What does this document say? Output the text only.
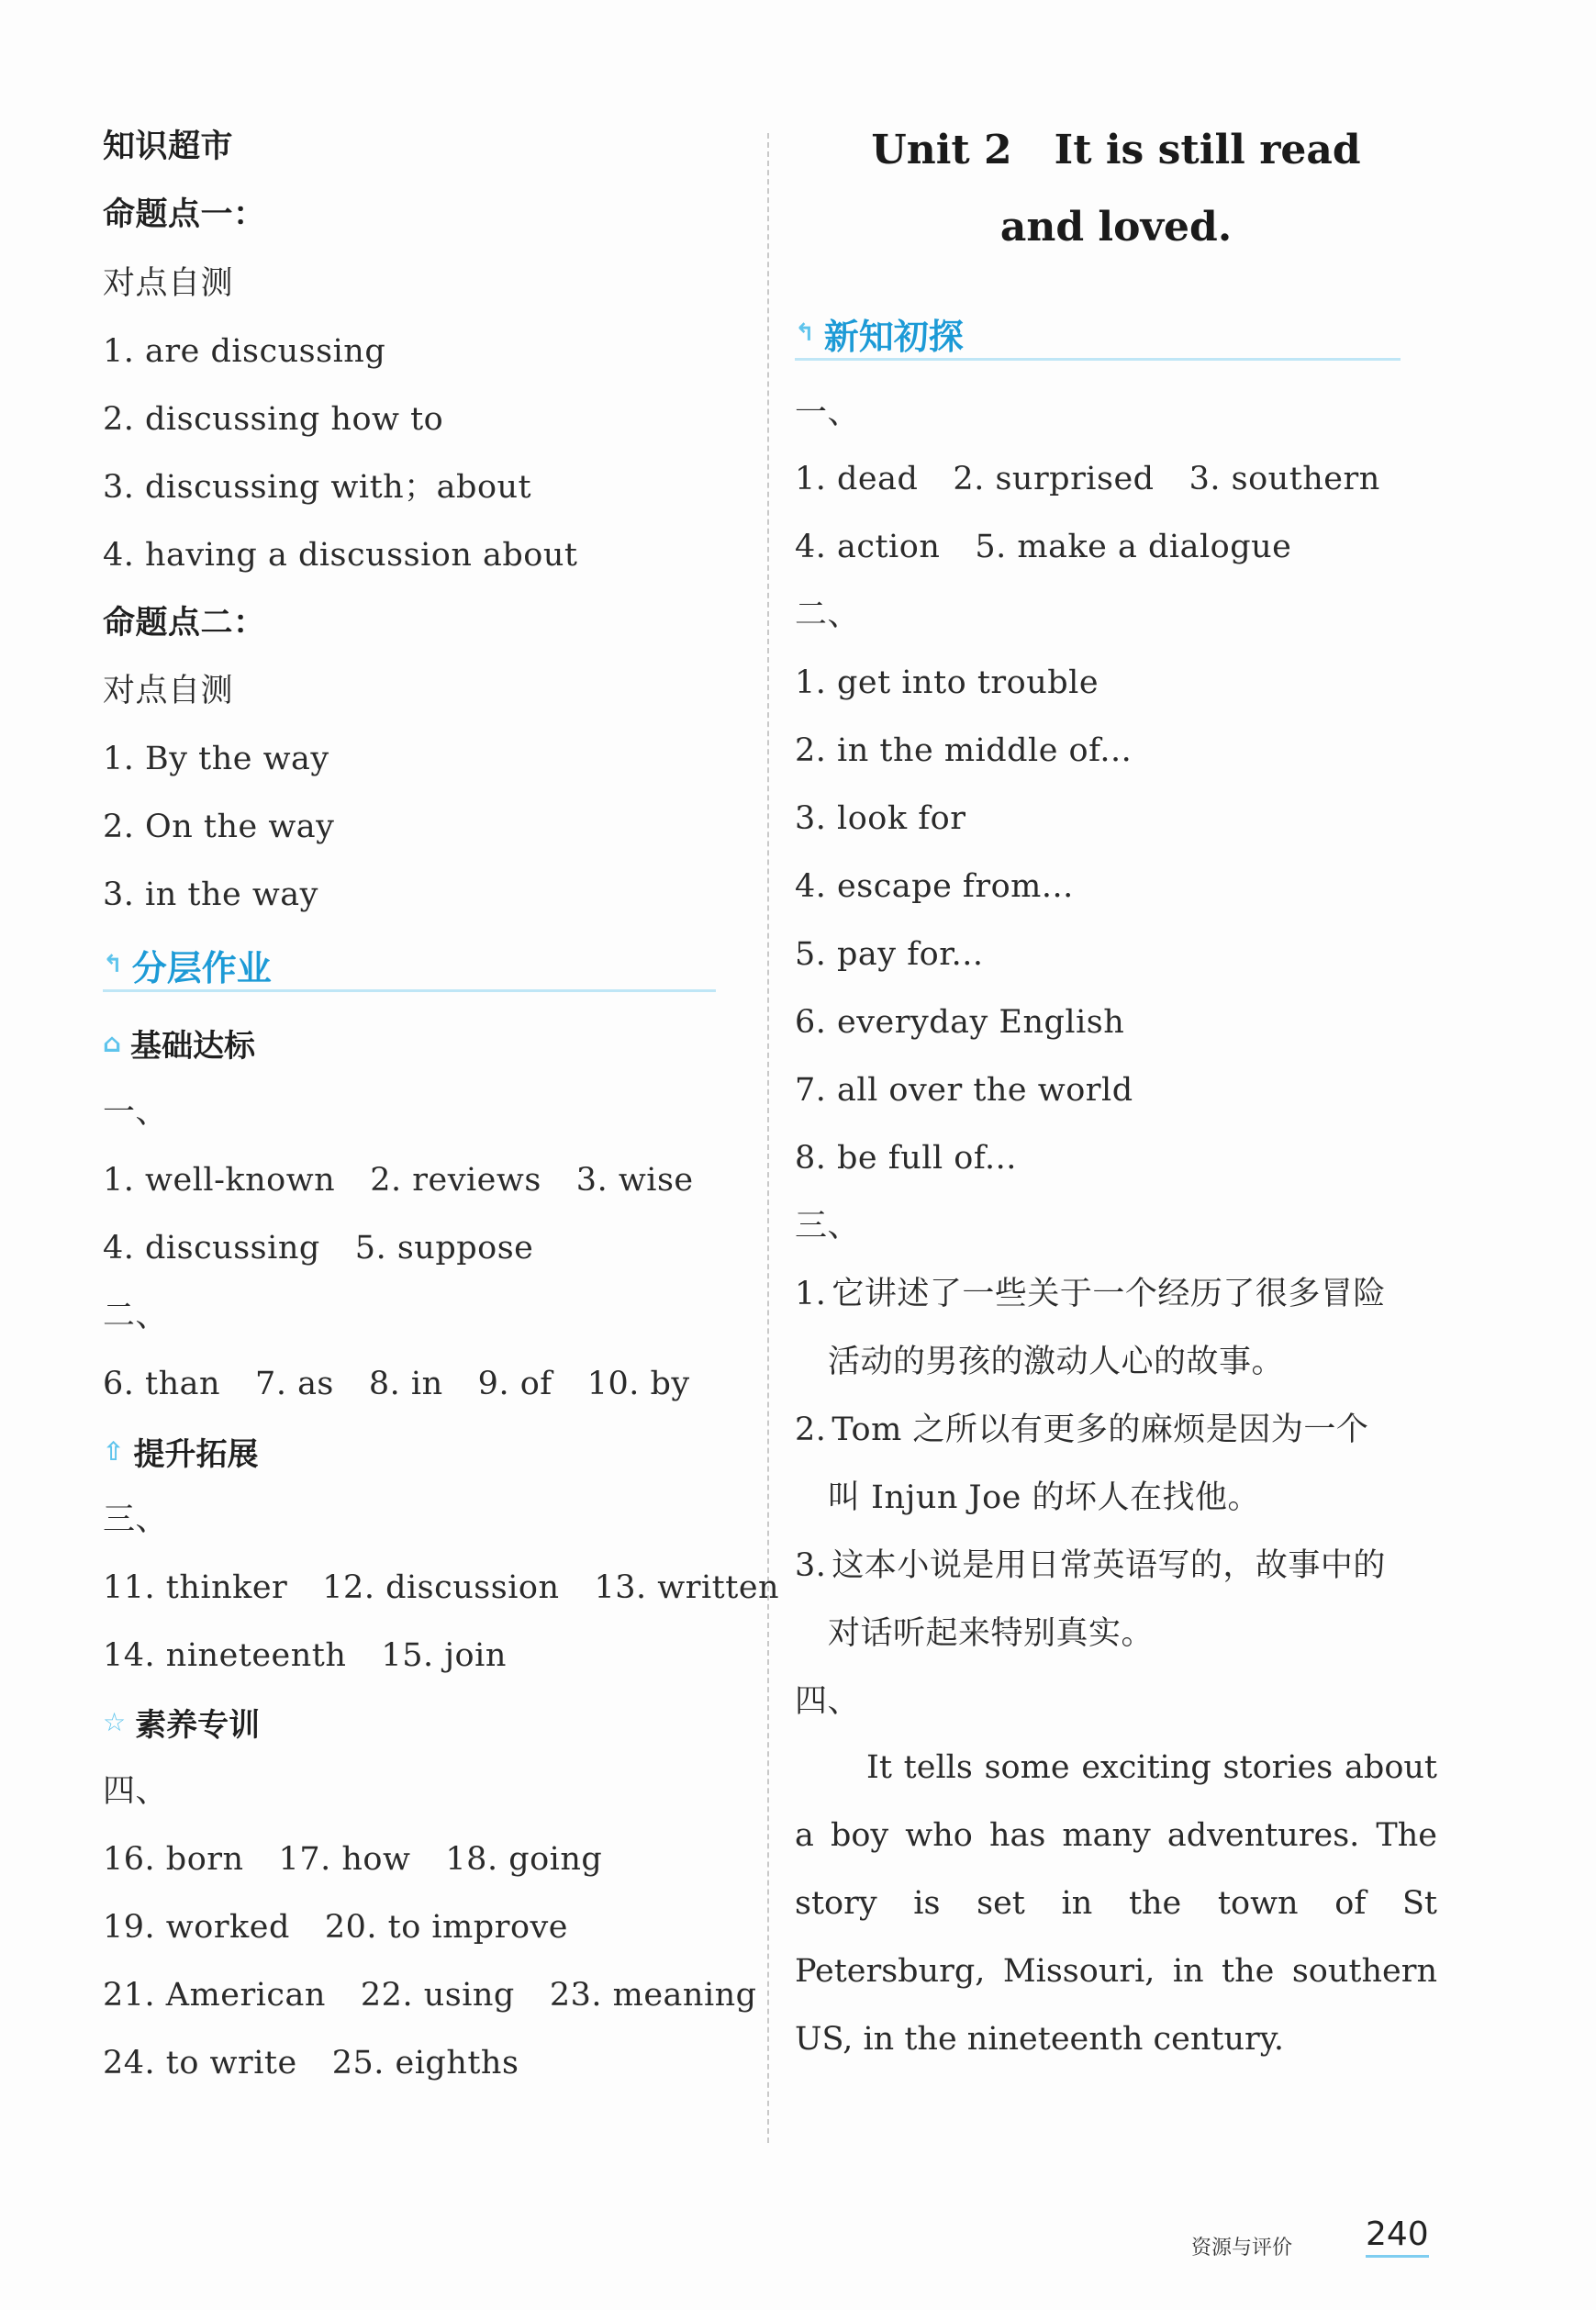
知识超市
命题点一：
对点自测
1. are discussing
2. discussing how to
3. discussing with；about
4. having a discussion about
命题点二：
对点自测
1. By the way
2. On the way
3. in the way
↰ 分层作业
⌂ 基础达标
一、
1. well-known 2. reviews 3. wise
4. discussing 5. suppose
二、
6. than 7. as 8. in 9. of 10. by
⇧ 提升拓展
三、
11. thinker 12. discussion 13. written
14. nineteenth 15. join
☆ 素养专训
四、
16. born 17. how 18. going
19. worked 20. to improve
21. American 22. using 23. meaning
24. to write 25. eighths
Unit 2   It is still read
and loved.
↰ 新知初探
一、
1. dead 2. surprised 3. southern
4. action 5. make a dialogue
二、
1. get into trouble
2. in the middle of...
3. look for
4. escape from...
5. pay for...
6. everyday English
7. all over the world
8. be full of...
三、
1. 它讲述了一些关于一个经历了很多冒险
活动的男孩的激动人心的故事。
2. Tom 之所以有更多的麻烦是因为一个
叫 Injun Joe 的坏人在找他。
3. 这本小说是用日常英语写的，故事中的
对话听起来特别真实。
四、
It tells some exciting stories about a boy who has many adventures. The story is set in the town of St Petersburg, Missouri, in the southern US, in the nineteenth century.
资源与评价 240
